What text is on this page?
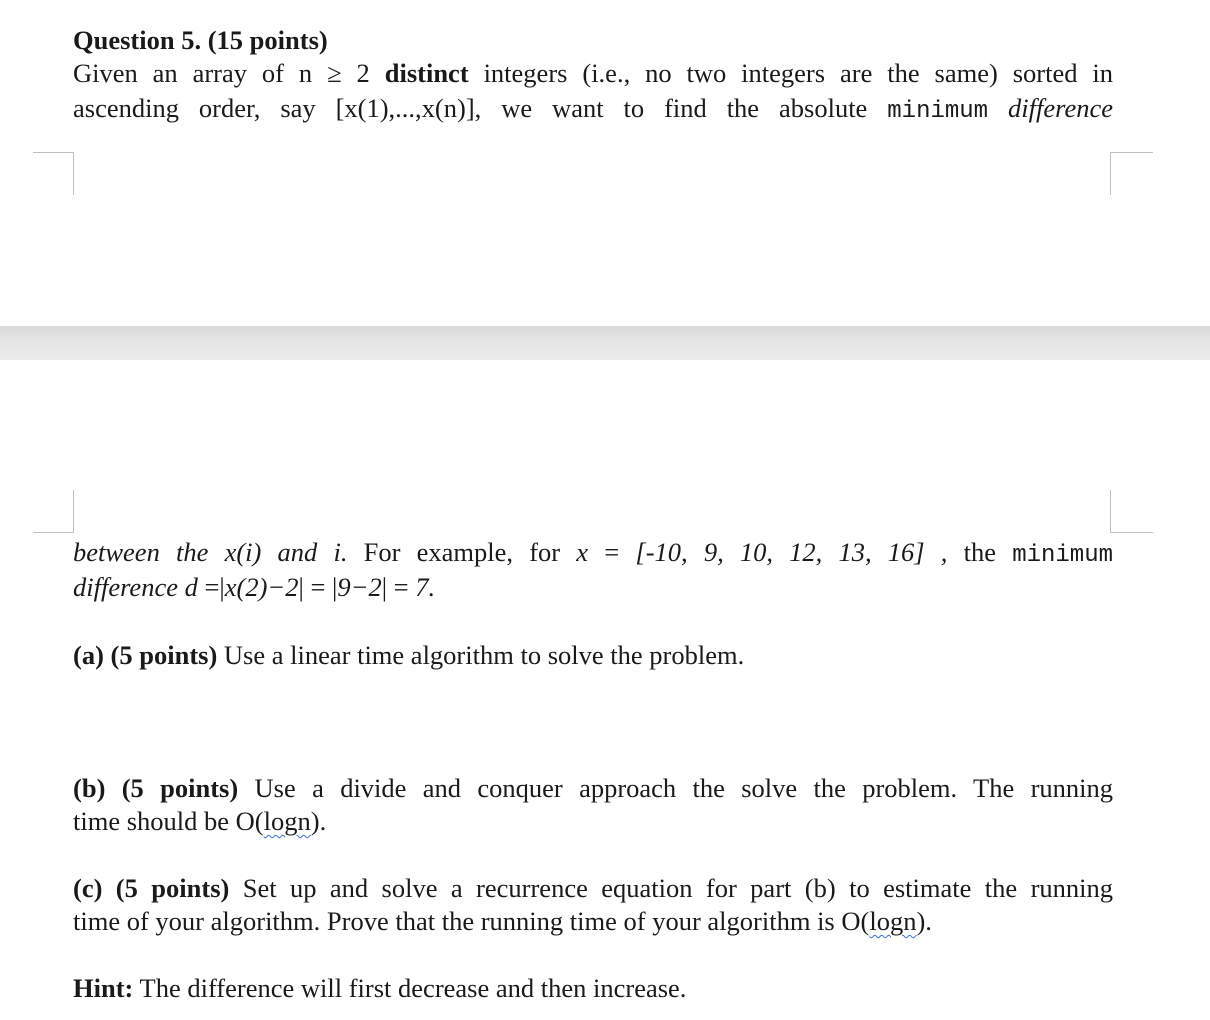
Question 5. (15 points)
Given an array of n ≥ 2 distinct integers (i.e., no two integers are the same) sorted in
ascending order, say [x(1),...,x(n)], we want to find the absolute minimum difference
between the x(i) and i. For example, for x = [-10, 9, 10, 12, 13, 16] , the minimum
difference d =|x(2)−2| = |9−2| = 7.
(a) (5 points) Use a linear time algorithm to solve the problem.
(b) (5 points) Use a divide and conquer approach the solve the problem. The running
time should be O(logn).
(c) (5 points) Set up and solve a recurrence equation for part (b) to estimate the running
time of your algorithm. Prove that the running time of your algorithm is O(logn).
Hint: The difference will first decrease and then increase.
